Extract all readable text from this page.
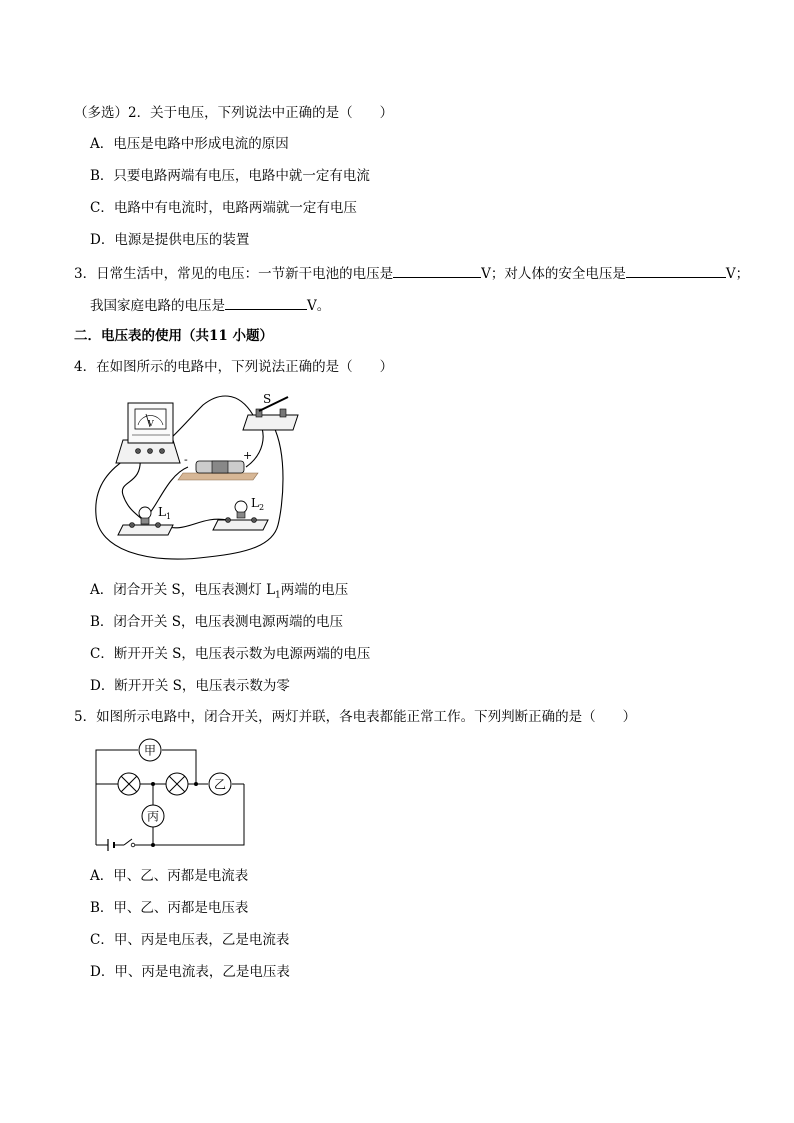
（多选）2．关于电压，下列说法中正确的是（　　）
A．电压是电路中形成电流的原因
B．只要电路两端有电压，电路中就一定有电流
C．电路中有电流时，电路两端就一定有电压
D．电源是提供电压的装置
3．日常生活中，常见的电压：一节新干电池的电压是	V；对人体的安全电压是	V；
我国家庭电路的电压是	V。
二．电压表的使用（共11 小题）
4．在如图所示的电路中，下列说法正确的是（　　）
V
S
-	+
$L_1$
$L_2$
A．闭合开关 S，电压表测灯 $L_1$两端的电压
B．闭合开关 S，电压表测电源两端的电压
C．断开开关 S，电压表示数为电源两端的电压
D．断开开关 S，电压表示数为零
5．如图所示电路中，闭合开关，两灯并联，各电表都能正常工作。下列判断正确的是（　　）
甲
乙
丙
A．甲、乙、丙都是电流表
B．甲、乙、丙都是电压表
C．甲、丙是电压表，乙是电流表
D．甲、丙是电流表，乙是电压表
